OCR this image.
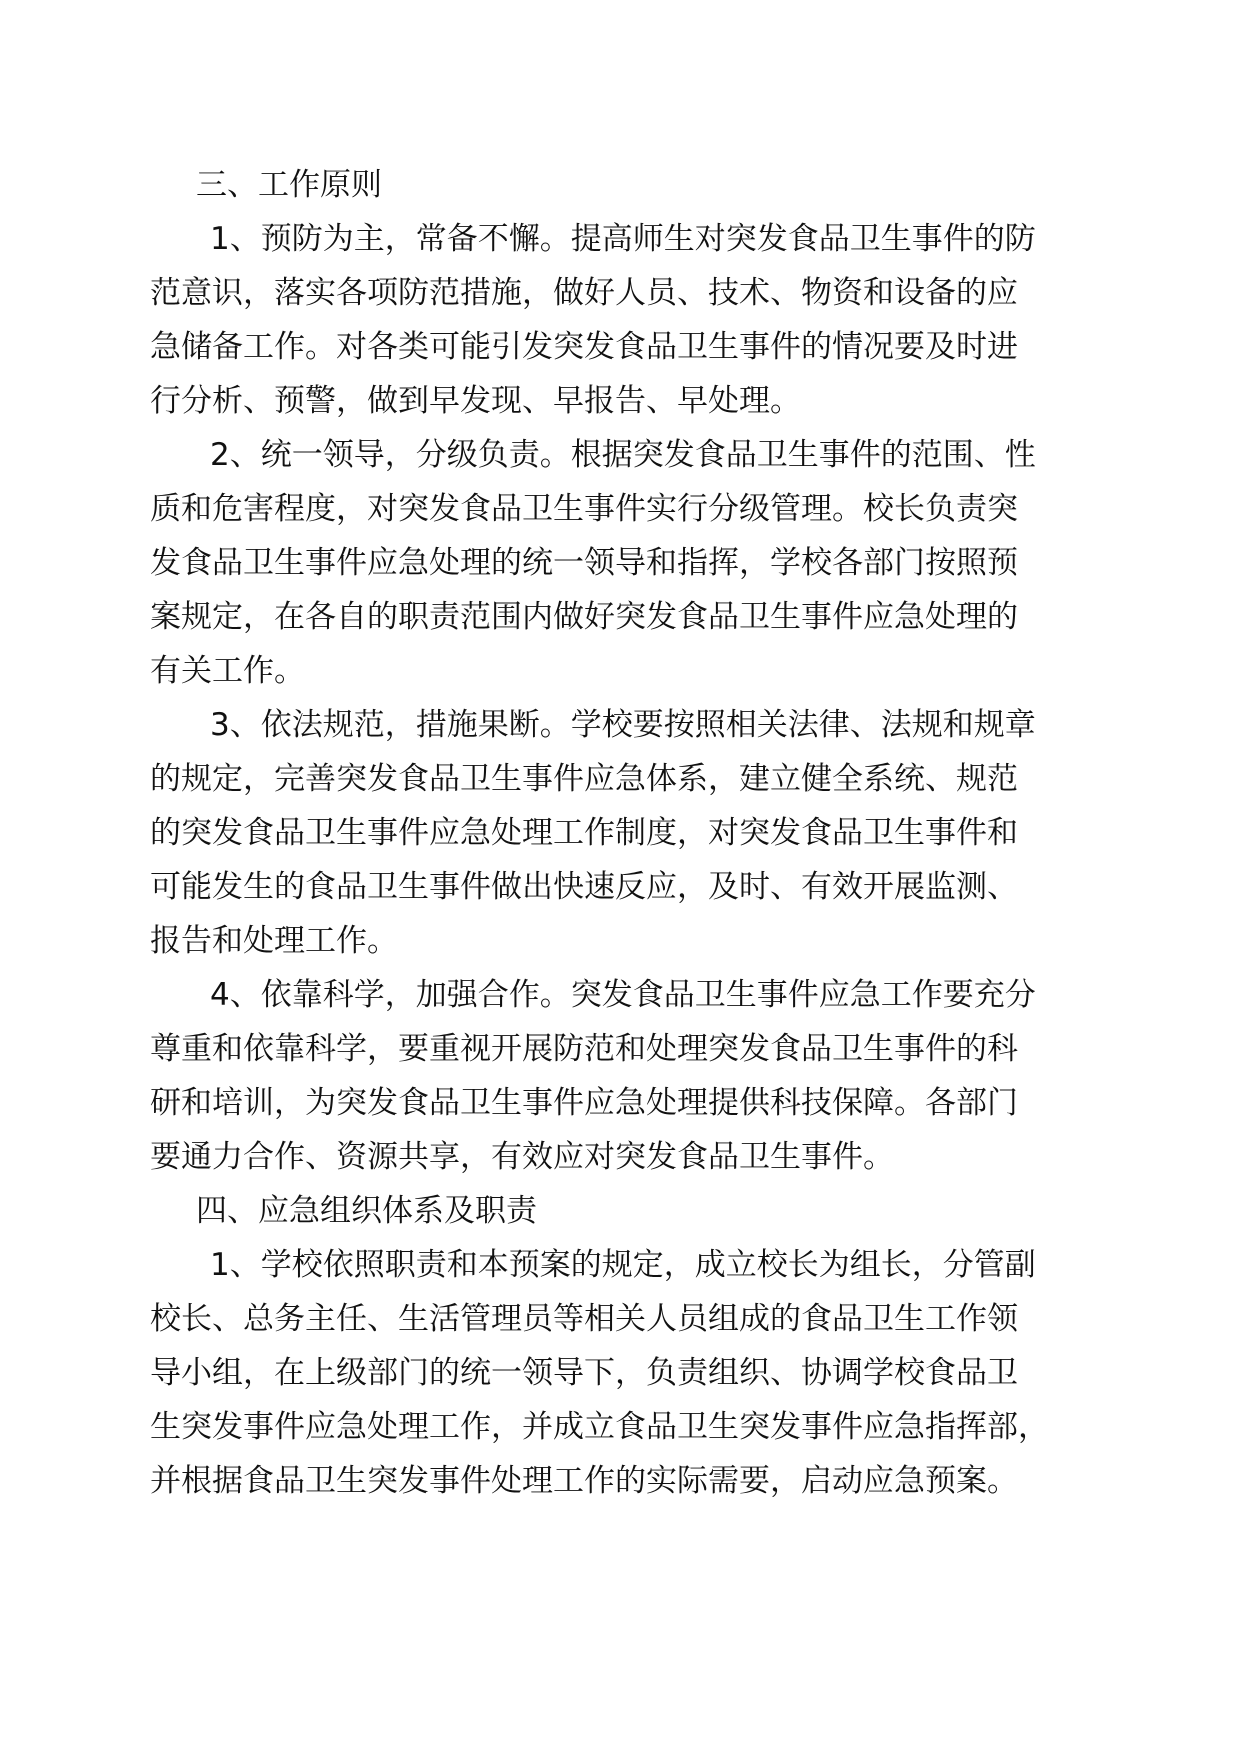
三、工作原则
1、预防为主，常备不懈。提高师生对突发食品卫生事件的防
范意识，落实各项防范措施，做好人员、技术、物资和设备的应
急储备工作。对各类可能引发突发食品卫生事件的情况要及时进
行分析、预警，做到早发现、早报告、早处理。
2、统一领导，分级负责。根据突发食品卫生事件的范围、性
质和危害程度，对突发食品卫生事件实行分级管理。校长负责突
发食品卫生事件应急处理的统一领导和指挥，学校各部门按照预
案规定，在各自的职责范围内做好突发食品卫生事件应急处理的
有关工作。
3、依法规范，措施果断。学校要按照相关法律、法规和规章
的规定，完善突发食品卫生事件应急体系，建立健全系统、规范
的突发食品卫生事件应急处理工作制度，对突发食品卫生事件和
可能发生的食品卫生事件做出快速反应，及时、有效开展监测、
报告和处理工作。
4、依靠科学，加强合作。突发食品卫生事件应急工作要充分
尊重和依靠科学，要重视开展防范和处理突发食品卫生事件的科
研和培训，为突发食品卫生事件应急处理提供科技保障。各部门
要通力合作、资源共享，有效应对突发食品卫生事件。
四、应急组织体系及职责
1、学校依照职责和本预案的规定，成立校长为组长，分管副
校长、总务主任、生活管理员等相关人员组成的食品卫生工作领
导小组，在上级部门的统一领导下，负责组织、协调学校食品卫
生突发事件应急处理工作，并成立食品卫生突发事件应急指挥部，
并根据食品卫生突发事件处理工作的实际需要，启动应急预案。
